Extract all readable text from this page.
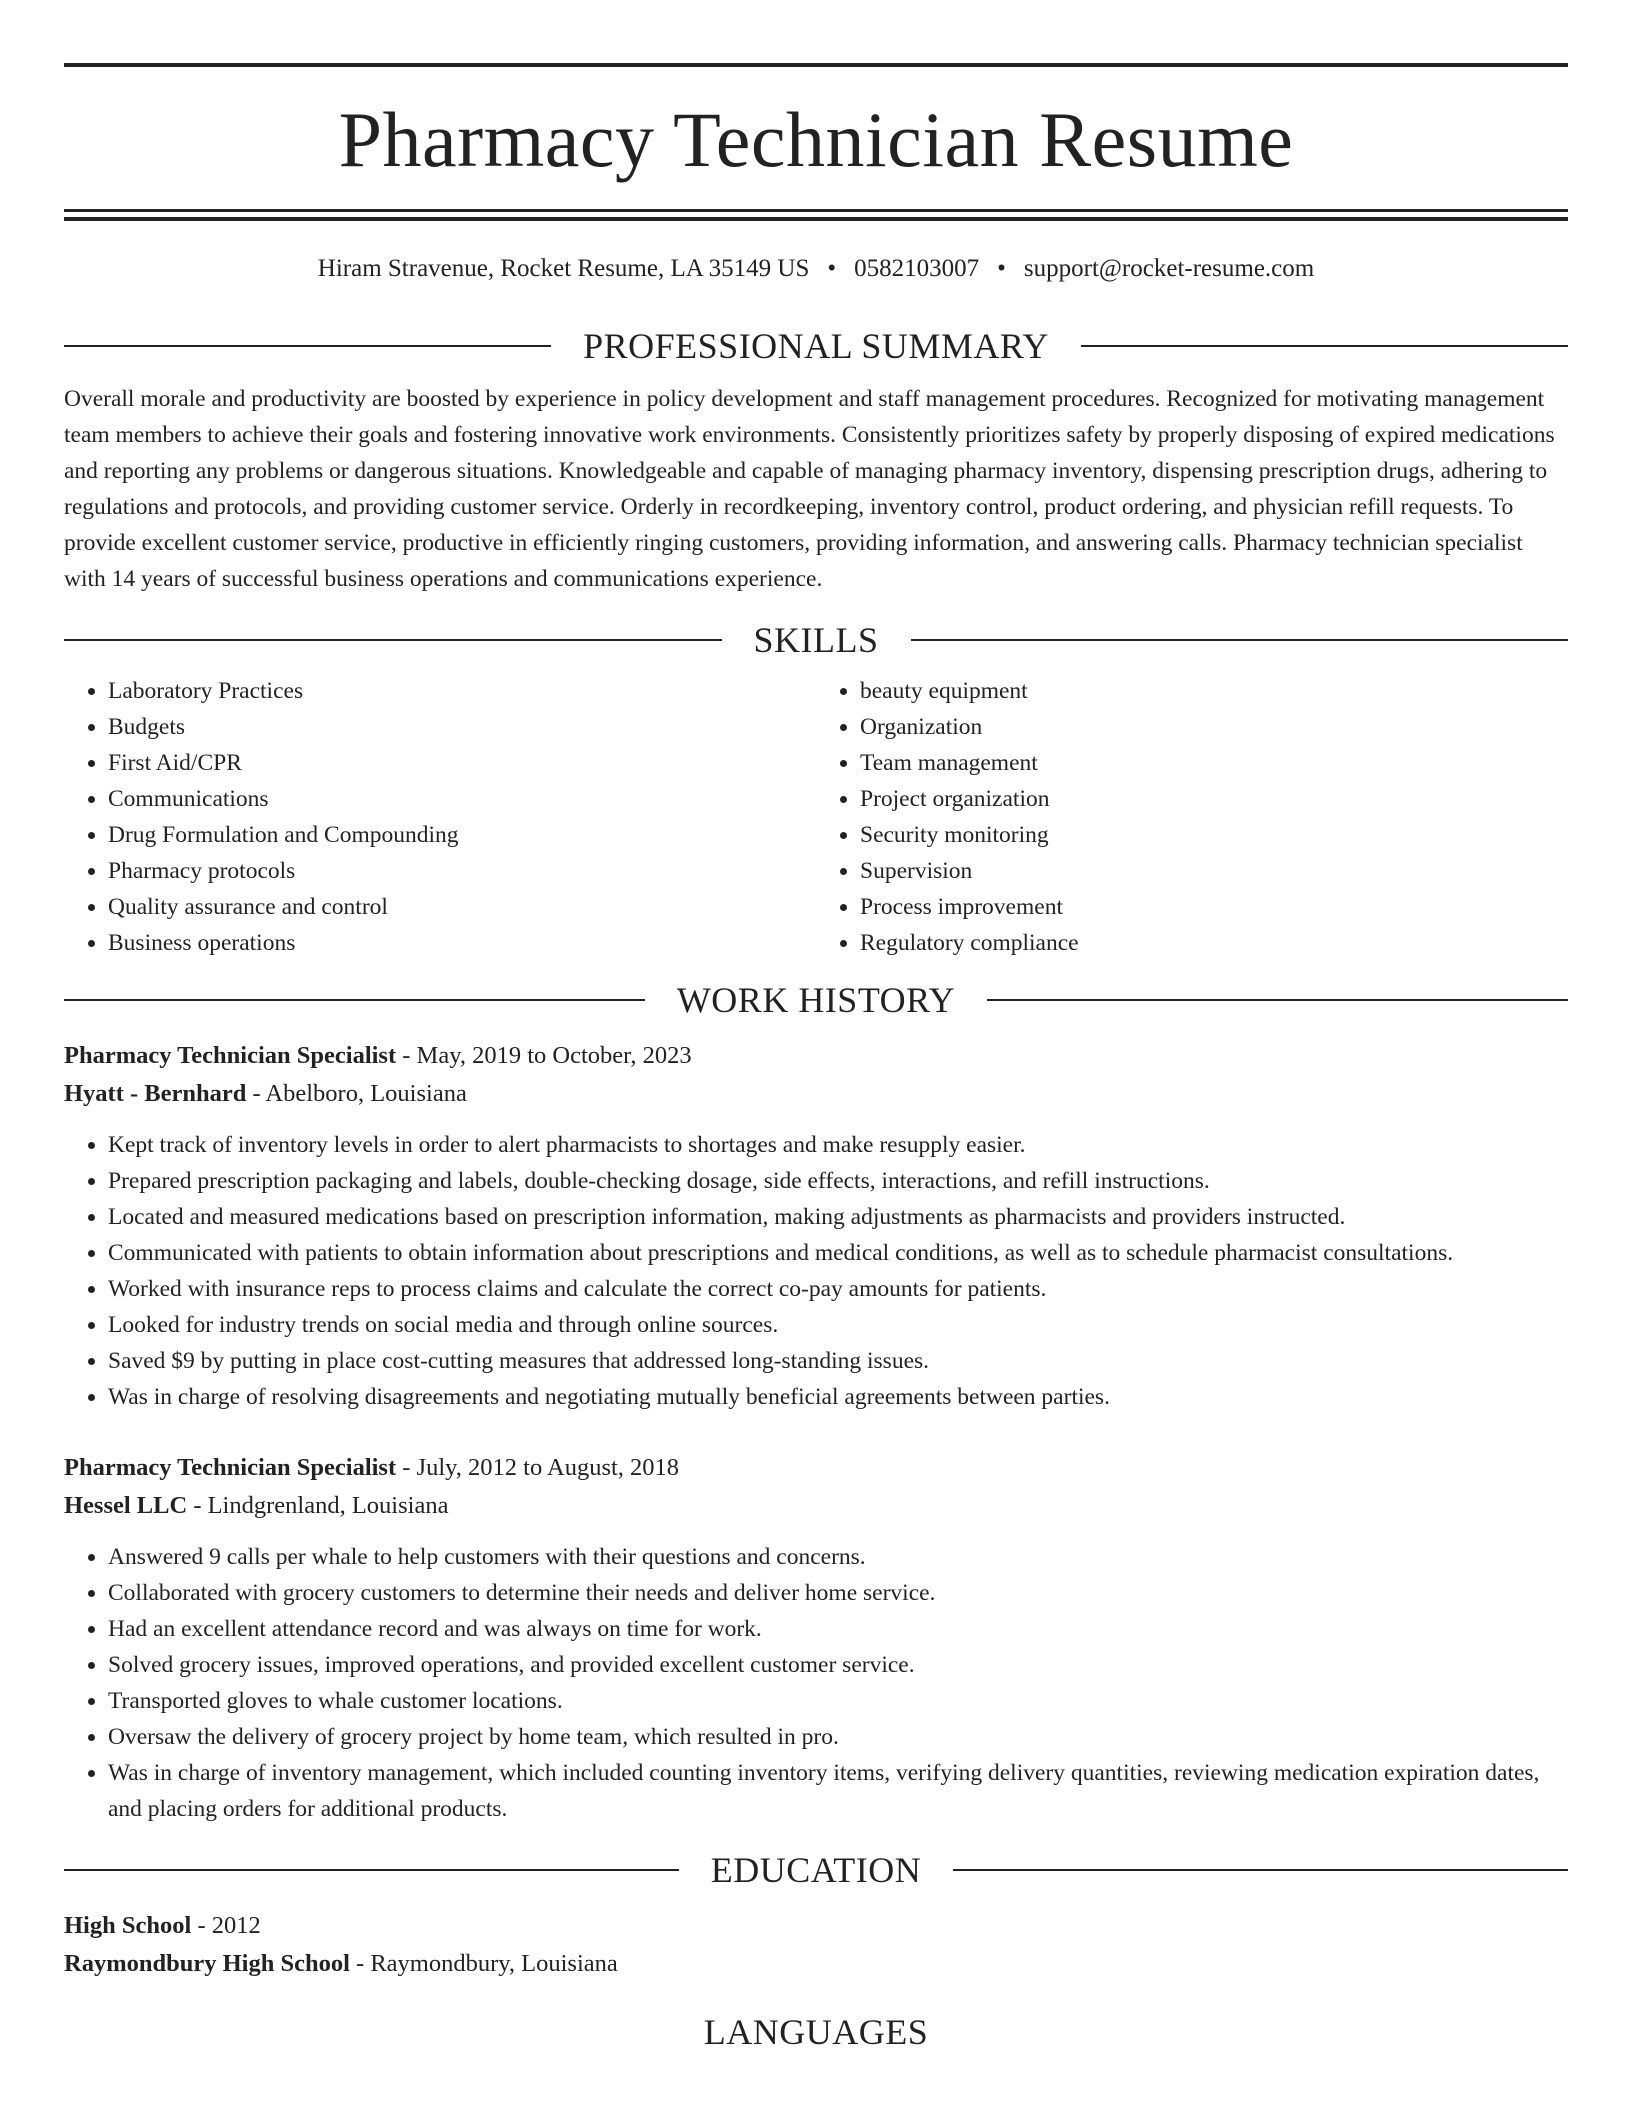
Pharmacy Technician Resume
Hiram Stravenue, Rocket Resume, LA 35149 US • 0582103007 • support@rocket-resume.com
PROFESSIONAL SUMMARY

Overall morale and productivity are boosted by experience in policy development and staff management procedures. Recognized for motivating management team members to achieve their goals and fostering innovative work environments. Consistently prioritizes safety by properly disposing of expired medications and reporting any problems or dangerous situations. Knowledgeable and capable of managing pharmacy inventory, dispensing prescription drugs, adhering to regulations and protocols, and providing customer service. Orderly in recordkeeping, inventory control, product ordering, and physician refill requests. To provide excellent customer service, productive in efficiently ringing customers, providing information, and answering calls. Pharmacy technician specialist with 14 years of successful business operations and communications experience.

SKILLS
• Laboratory Practices
• Budgets
• First Aid/CPR
• Communications
• Drug Formulation and Compounding
• Pharmacy protocols
• Quality assurance and control
• Business operations
• beauty equipment
• Organization
• Team management
• Project organization
• Security monitoring
• Supervision
• Process improvement
• Regulatory compliance
WORK HISTORY
Pharmacy Technician Specialist - May, 2019 to October, 2023
Hyatt - Bernhard - Abelboro, Louisiana
• Kept track of inventory levels in order to alert pharmacists to shortages and make resupply easier.
• Prepared prescription packaging and labels, double-checking dosage, side effects, interactions, and refill instructions.
• Located and measured medications based on prescription information, making adjustments as pharmacists and providers instructed.
• Communicated with patients to obtain information about prescriptions and medical conditions, as well as to schedule pharmacist consultations.
• Worked with insurance reps to process claims and calculate the correct co-pay amounts for patients.
• Looked for industry trends on social media and through online sources.
• Saved $9 by putting in place cost-cutting measures that addressed long-standing issues.
• Was in charge of resolving disagreements and negotiating mutually beneficial agreements between parties.
Pharmacy Technician Specialist - July, 2012 to August, 2018
Hessel LLC - Lindgrenland, Louisiana
• Answered 9 calls per whale to help customers with their questions and concerns.
• Collaborated with grocery customers to determine their needs and deliver home service.
• Had an excellent attendance record and was always on time for work.
• Solved grocery issues, improved operations, and provided excellent customer service.
• Transported gloves to whale customer locations.
• Oversaw the delivery of grocery project by home team, which resulted in pro.
• Was in charge of inventory management, which included counting inventory items, verifying delivery quantities, reviewing medication expiration dates, and placing orders for additional products.
EDUCATION
High School - 2012
Raymondbury High School - Raymondbury, Louisiana
LANGUAGES
